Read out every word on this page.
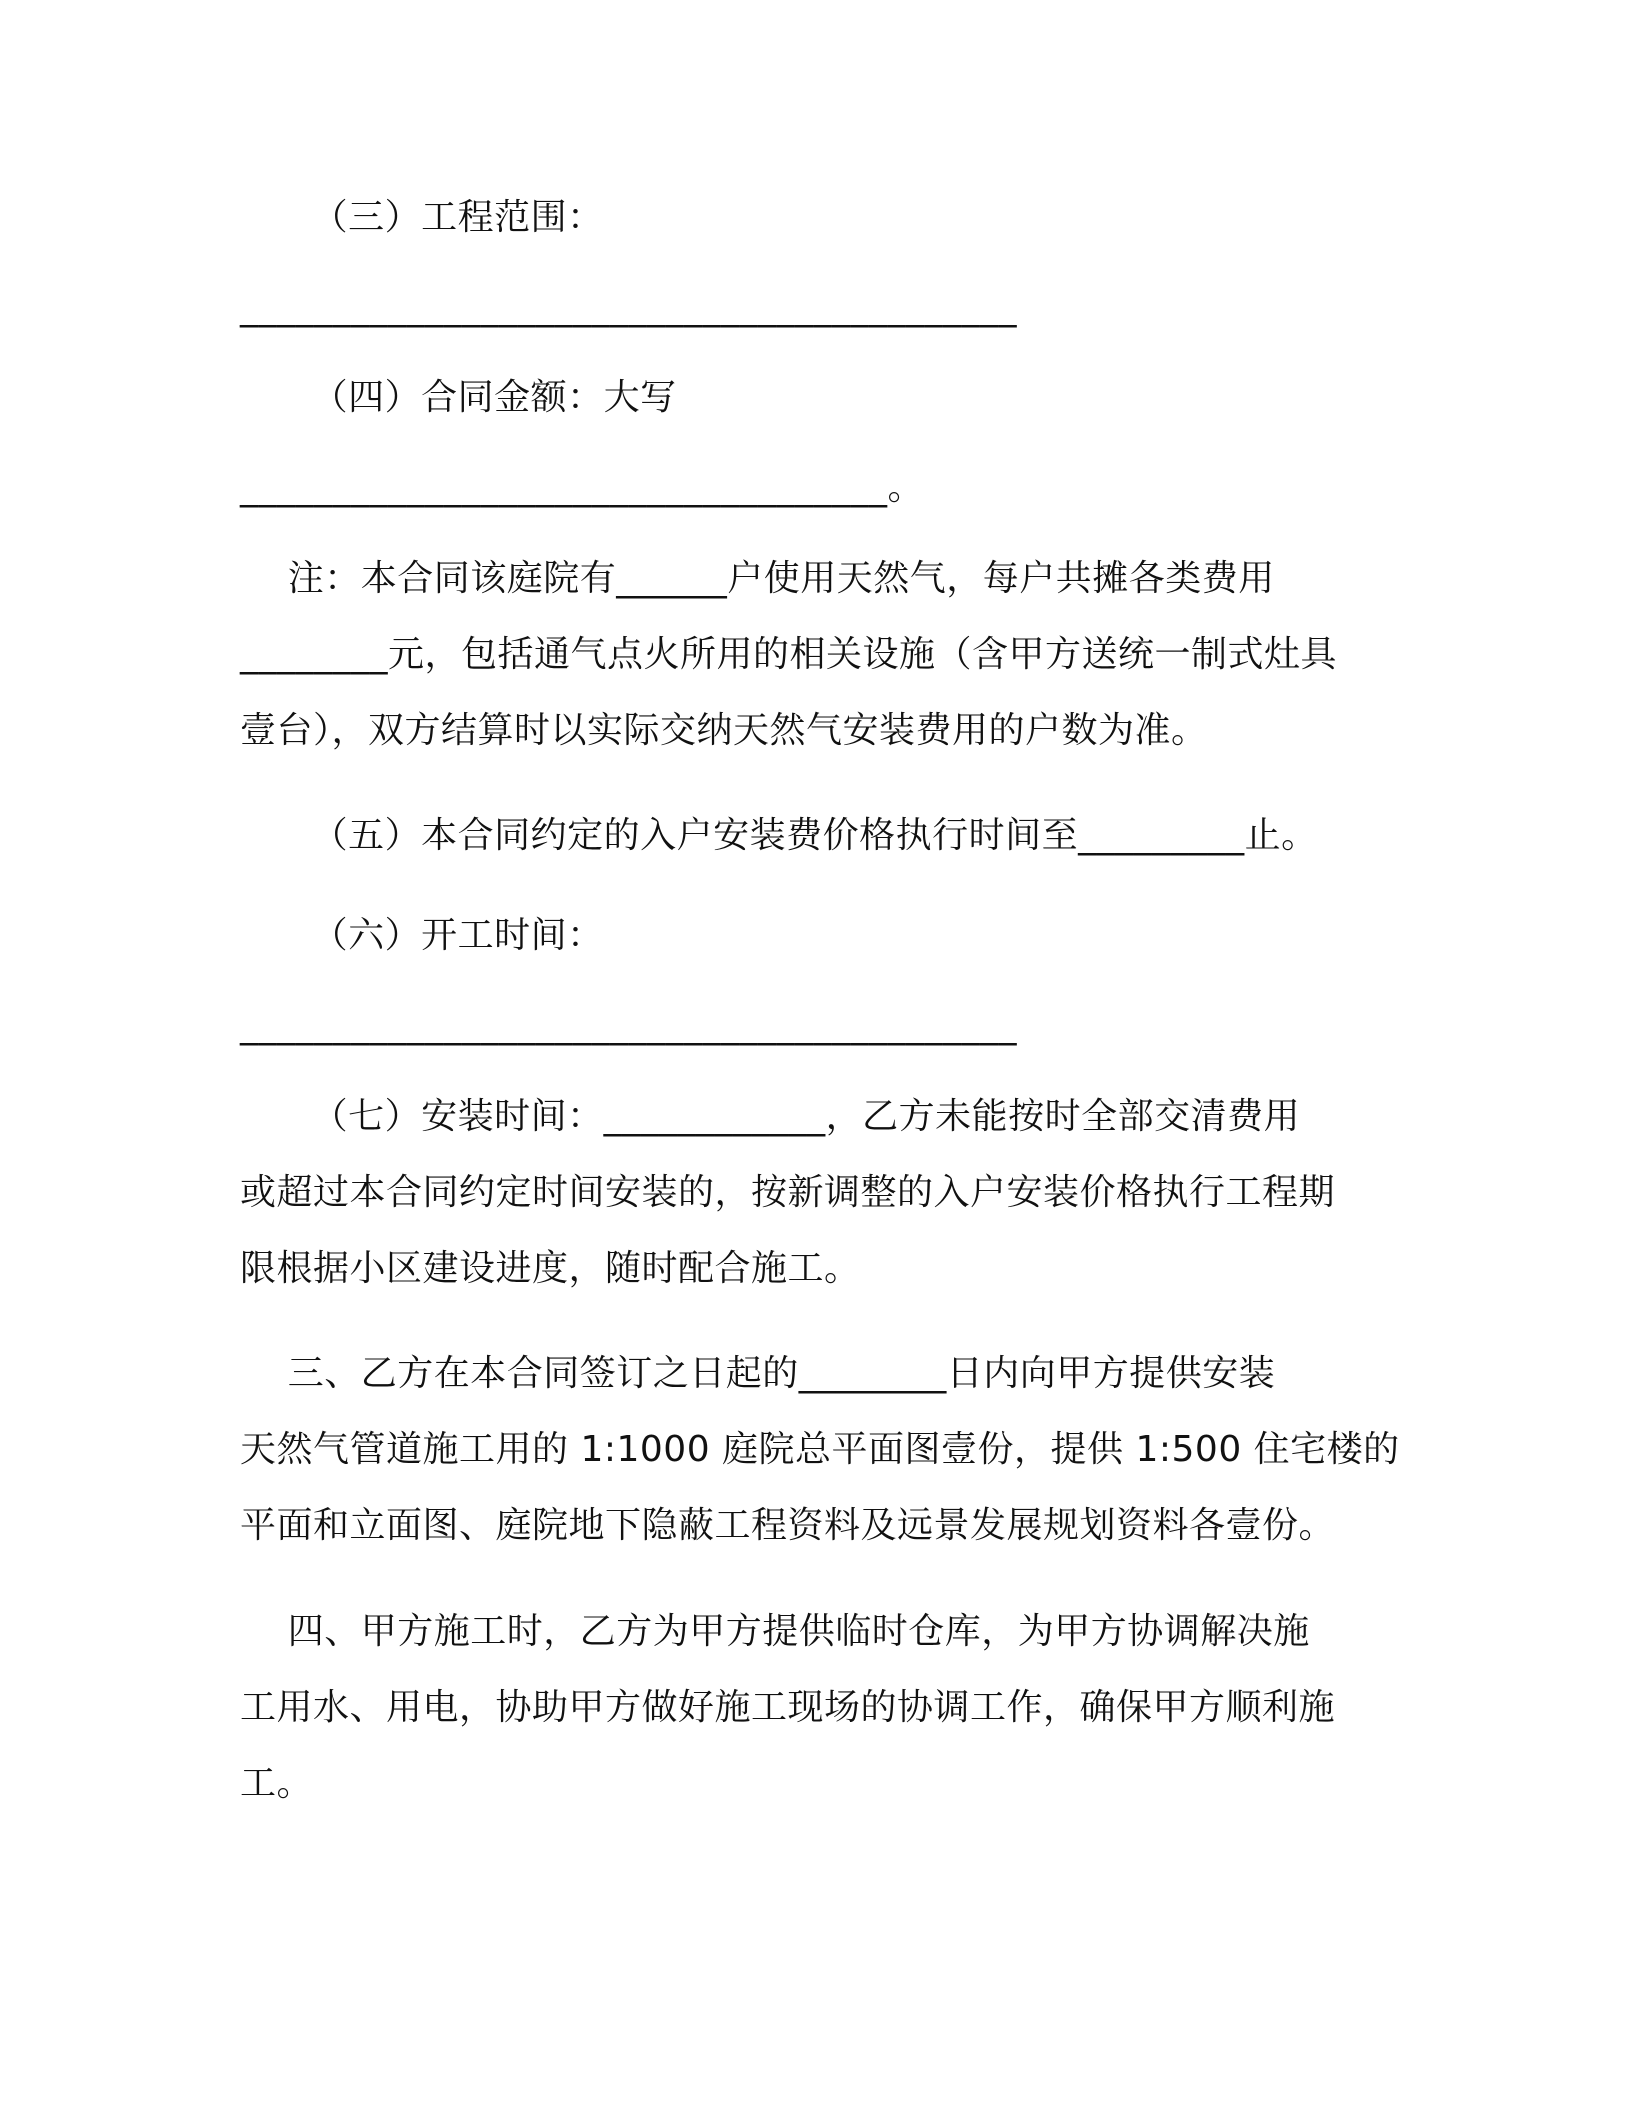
（三）工程范围：
__________________________________________
（四）合同金额：大写
___________________________________。
注：本合同该庭院有______户使用天然气，每户共摊各类费用
________元，包括通气点火所用的相关设施（含甲方送统一制式灶具
壹台），双方结算时以实际交纳天然气安装费用的户数为准。
（五）本合同约定的入户安装费价格执行时间至_________止。
（六）开工时间：
__________________________________________
（七）安装时间：____________，乙方未能按时全部交清费用
或超过本合同约定时间安装的，按新调整的入户安装价格执行工程期
限根据小区建设进度，随时配合施工。
三、乙方在本合同签订之日起的________日内向甲方提供安装
天然气管道施工用的 1:1000 庭院总平面图壹份，提供 1:500 住宅楼的
平面和立面图、庭院地下隐蔽工程资料及远景发展规划资料各壹份。
四、甲方施工时，乙方为甲方提供临时仓库，为甲方协调解决施
工用水、用电，协助甲方做好施工现场的协调工作，确保甲方顺利施
工。
